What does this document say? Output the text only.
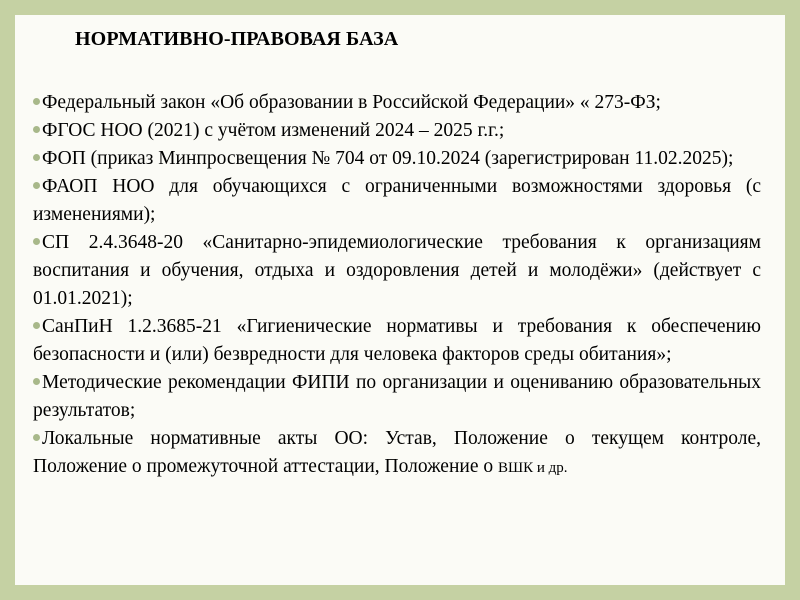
НОРМАТИВНО-ПРАВОВАЯ БАЗА
Федеральный закон «Об образовании в Российской Федерации» « 273-ФЗ;
ФГОС НОО (2021) с учётом изменений 2024 – 2025 г.г.;
ФОП (приказ Минпросвещения № 704 от 09.10.2024 (зарегистрирован 11.02.2025);
ФАОП НОО для обучающихся с ограниченными возможностями здоровья (с изменениями);
СП 2.4.3648-20 «Санитарно-эпидемиологические требования к организациям воспитания и обучения, отдыха и оздоровления детей и молодёжи» (действует с 01.01.2021);
СанПиН 1.2.3685-21 «Гигиенические нормативы и требования к обеспечению безопасности и (или) безвредности для человека факторов среды обитания»;
Методические рекомендации ФИПИ по организации и оцениванию образовательных результатов;
Локальные нормативные акты ОО: Устав, Положение о текущем контроле, Положение о промежуточной аттестации, Положение о ВШК и др.
